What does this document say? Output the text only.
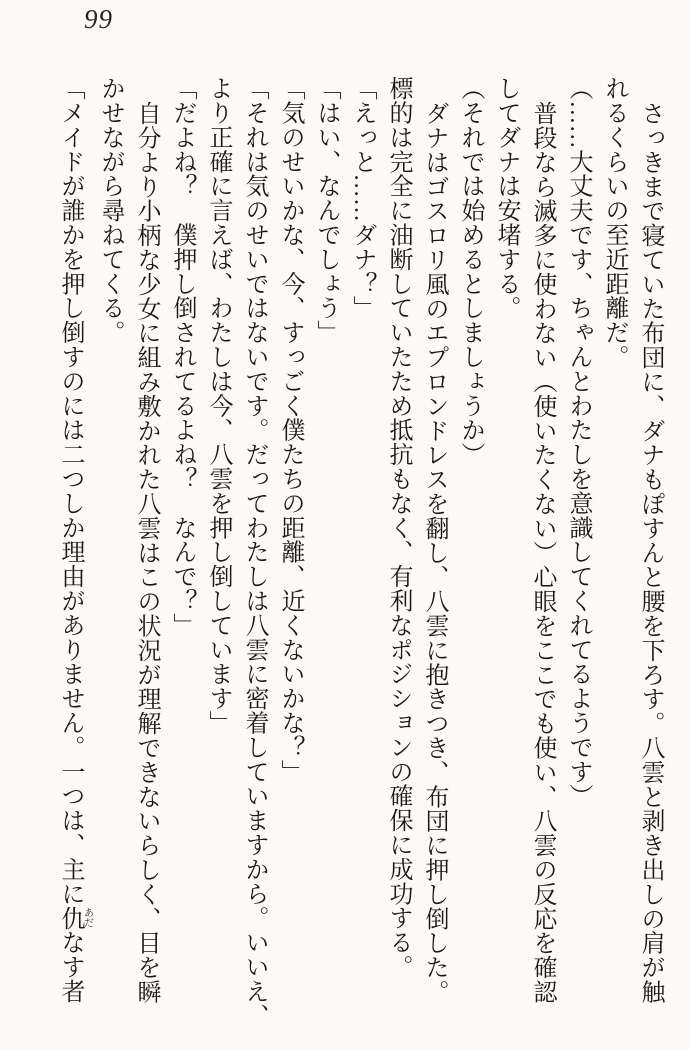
99

さっきまで寝ていた布団に、ダナもぽすんと腰を下ろす。八雲と剥き出しの肩が触

れるくらいの至近距離だ。

（……大丈夫です、ちゃんとわたしを意識してくれてるようです）

普段なら滅多に使わない（使いたくない）心眼をここでも使い、八雲の反応を確認

してダナは安堵する。

（それでは始めるとしましょうか）

ダナはゴスロリ風のエプロンドレスを翻し、八雲に抱きつき、布団に押し倒した。

標的は完全に油断していたため抵抗もなく、有利なポジションの確保に成功する。

「えっと……ダナ？」

「はい、なんでしょう」

「気のせいかな、今、すっごく僕たちの距離、近くないかな？」

「それは気のせいではないです。だってわたしは八雲に密着していますから。いいえ、

より正確に言えば、わたしは今、八雲を押し倒しています」

「だよね？　僕押し倒されてるよね？　なんで？」

自分より小柄な少女に組み敷かれた八雲はこの状況が理解できないらしく、目を瞬

かせながら尋ねてくる。

「メイドが誰かを押し倒すのには二つしか理由がありません。一つは、主に仇あだなす者
